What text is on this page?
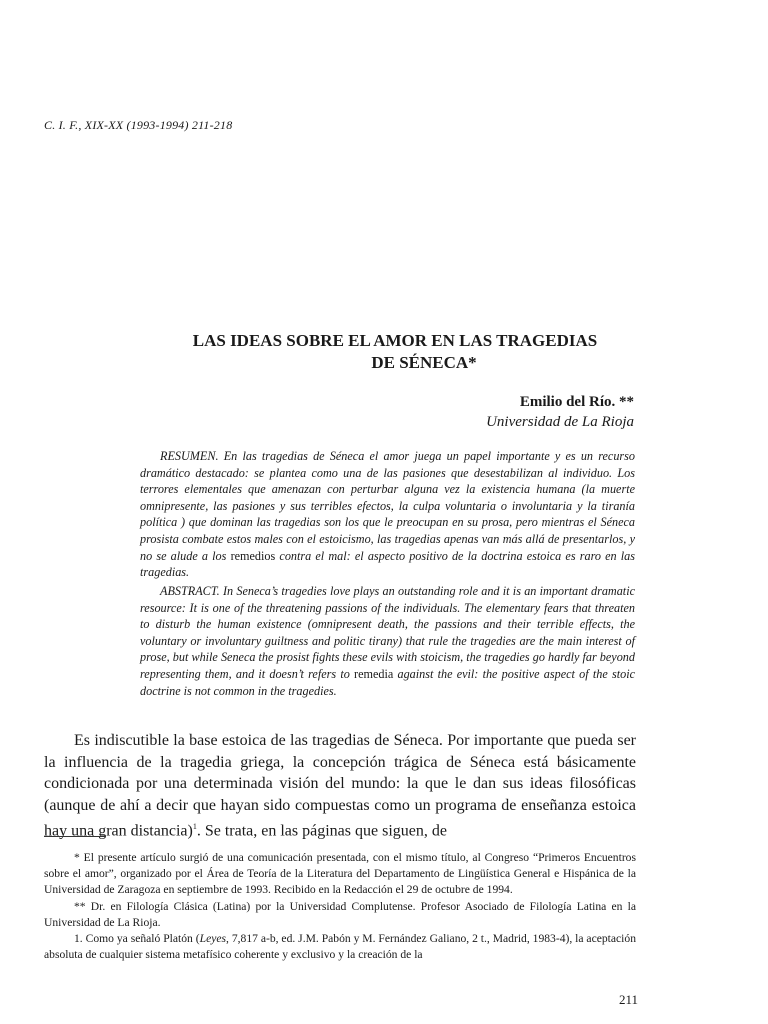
C. I. F., XIX-XX (1993-1994) 211-218
LAS IDEAS SOBRE EL AMOR EN LAS TRAGEDIAS
DE SÉNECA*
Emilio del Río. **
Universidad de La Rioja

RESUMEN. En las tragedias de Séneca el amor juega un papel importante y es un recurso dramático destacado: se plantea como una de las pasiones que desestabilizan al individuo. Los terrores elementales que amenazan con perturbar alguna vez la existencia humana (la muerte omnipresente, las pasiones y sus terribles efectos, la culpa voluntaria o involuntaria y la tiranía política ) que dominan las tragedias son los que le preocupan en su prosa, pero mientras el Séneca prosista combate estos males con el estoicismo, las tragedias apenas van más allá de presentarlos, y no se alude a los remedios contra el mal: el aspecto positivo de la doctrina estoica es raro en las tragedias.

ABSTRACT. In Seneca’s tragedies love plays an outstanding role and it is an important dramatic resource: It is one of the threatening passions of the individuals. The elementary fears that threaten to disturb the human existence (omnipresent death, the passions and their terrible effects, the voluntary or involuntary guiltness and politic tirany) that rule the tragedies are the main interest of prose, but while Seneca the prosist fights these evils with stoicism, the tragedies go hardly far beyond representing them, and it doesn’t refers to remedia against the evil: the positive aspect of the stoic doctrine is not common in the tragedies.

Es indiscutible la base estoica de las tragedias de Séneca. Por importante que pueda ser la influencia de la tragedia griega, la concepción trágica de Séneca está básicamente condicionada por una determinada visión del mundo: la que le dan sus ideas filosóficas (aunque de ahí a decir que hayan sido compuestas como un programa de enseñanza estoica hay una gran distancia)$^1$. Se trata, en las páginas que siguen, de

* El presente artículo surgió de una comunicación presentada, con el mismo título, al Congreso “Primeros Encuentros sobre el amor”, organizado por el Área de Teoría de la Literatura del Departamento de Lingüística General e Hispánica de la Universidad de Zaragoza en septiembre de 1993. Recibido en la Redacción el 29 de octubre de 1994.

** Dr. en Filología Clásica (Latina) por la Universidad Complutense. Profesor Asociado de Filología Latina en la Universidad de La Rioja.

1. Como ya señaló Platón (Leyes, 7,817 a-b, ed. J.M. Pabón y M. Fernández Galiano, 2 t., Madrid, 1983-4), la aceptación absoluta de cualquier sistema metafísico coherente y exclusivo y la creación de la

211
